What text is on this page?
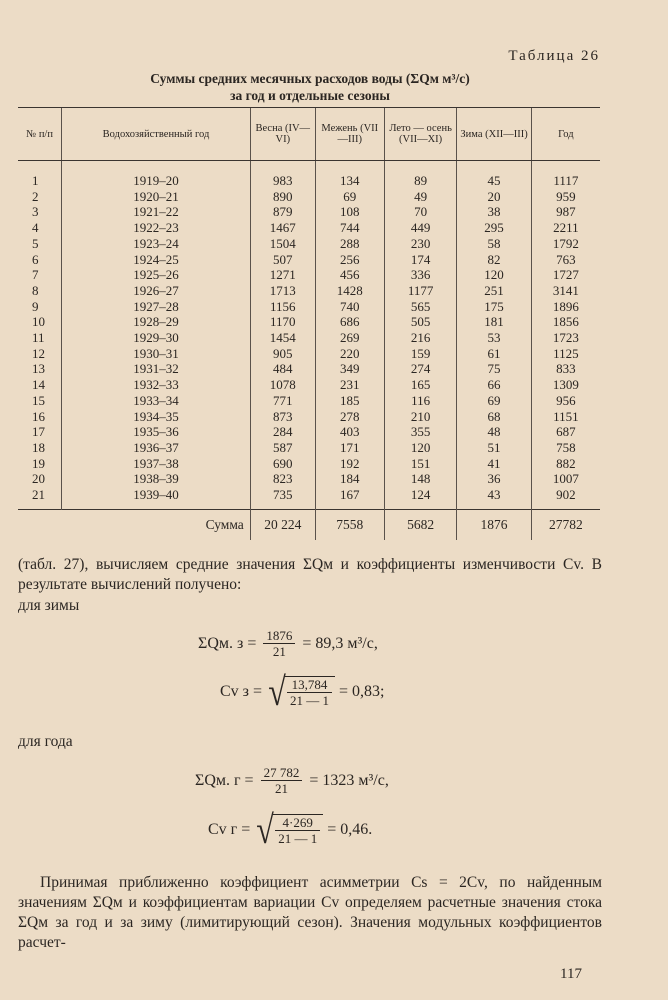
Таблица 26
Суммы средних месячных расходов воды (ΣQм м³/с)
за год и отдельные сезоны
№ п/п	Водохозяйственный год	Весна (IV—VI)	Межень (VII—III)	Лето — осень (VII—XI)	Зима (XII—III)	Год
1	1919–20	983	134	89	45	1117
2	1920–21	890	69	49	20	959
3	1921–22	879	108	70	38	987
4	1922–23	1467	744	449	295	2211
5	1923–24	1504	288	230	58	1792
6	1924–25	507	256	174	82	763
7	1925–26	1271	456	336	120	1727
8	1926–27	1713	1428	1177	251	3141
9	1927–28	1156	740	565	175	1896
10	1928–29	1170	686	505	181	1856
11	1929–30	1454	269	216	53	1723
12	1930–31	905	220	159	61	1125
13	1931–32	484	349	274	75	833
14	1932–33	1078	231	165	66	1309
15	1933–34	771	185	116	69	956
16	1934–35	873	278	210	68	1151
17	1935–36	284	403	355	48	687
18	1936–37	587	171	120	51	758
19	1937–38	690	192	151	41	882
20	1938–39	823	184	148	36	1007
21	1939–40	735	167	124	43	902
	Сумма	20 224	7558	5682	1876	27782
(табл. 27), вычисляем средние значения ΣQм и коэффициенты изменчивости Cv. В результате вычислений получено:
для зимы
ΣQм. $з = \frac{1876}{21} = 89,3$ м³/с,
Cv з = √ $\frac{13,784}{21 — 1} = 0,83$;
для года
ΣQм. $г = \frac{27 782}{21} = 1323$ м³/с,
Cv г = √ $\frac{4\cdot 269}{21 — 1} = 0,46$.
Принимая приближенно коэффициент асимметрии Cs = 2Cv, по найденным значениям ΣQм и коэффициентам вариации Cv определяем расчетные значения стока ΣQм за год и за зиму (лимитирующий сезон). Значения модульных коэффициентов расчет-
117
